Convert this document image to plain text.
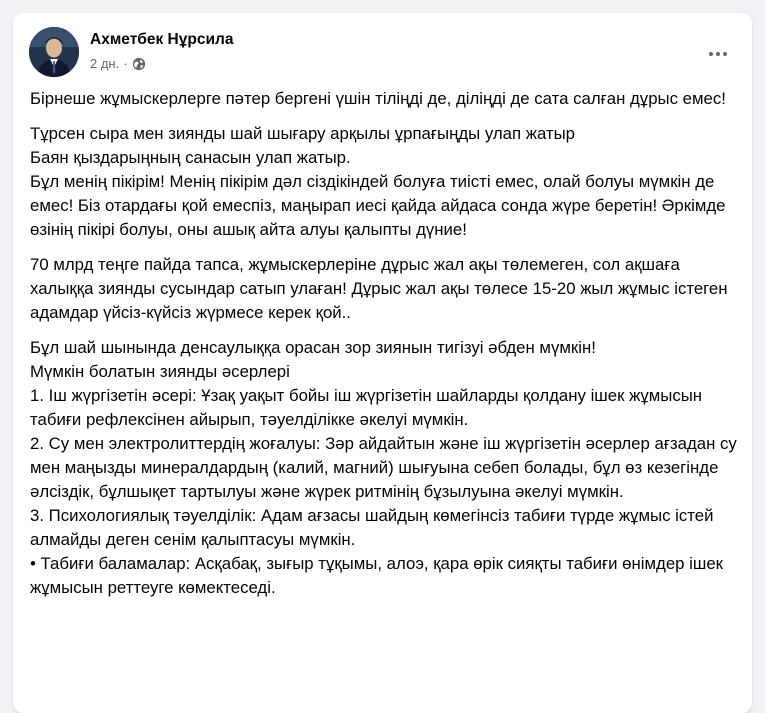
Ахметбек Нұрсила
2 дн. ·

Бірнеше жұмыскерлерге пәтер бергені үшін тіліңді де, діліңді де сата салған дұрыс емес!

Тұрсен сыра мен зиянды шай шығару арқылы ұрпағыңды улап жатыр
Баян қыздарыңның санасын улап жатыр.
Бұл менің пікірім! Менің пікірім дәл сіздікіндей болуға тиісті емес, олай болуы мүмкін де емес! Біз отардағы қой емеспіз, маңырап иесі қайда айдаса сонда жүре беретін! Әркімде өзінің пікірі болуы, оны ашық айта алуы қалыпты дүние!

70 млрд теңге пайда тапса, жұмыскерлеріне дұрыс жал ақы төлемеген, сол ақшаға халыққа зиянды сусындар сатып улаған! Дұрыс жал ақы төлесе 15-20 жыл жұмыс істеген адамдар үйсіз-күйсіз жүрмесе керек қой..

Бұл шай шынында денсаулыққа орасан зор зиянын тигізуі әбден мүмкін!
Мүмкін болатын зиянды әсерлері
1. Іш жүргізетін әсері: Ұзақ уақыт бойы іш жүргізетін шайларды қолдану ішек жұмысын табиғи рефлексінен айырып, тәуелділікке әкелуі мүмкін.
2. Су мен электролиттердің жоғалуы: Зәр айдайтын және іш жүргізетін әсерлер ағзадан су мен маңызды минералдардың (калий, магний) шығуына себеп болады, бұл өз кезегінде әлсіздік, бұлшықет тартылуы және жүрек ритмінің бұзылуына әкелуі мүмкін.
3. Психологиялық тәуелділік: Адам ағзасы шайдың көмегінсіз табиғи түрде жұмыс істей алмайды деген сенім қалыптасуы мүмкін.
• Табиғи баламалар: Асқабақ, зығыр тұқымы, алоэ, қара өрік сияқты табиғи өнімдер ішек жұмысын реттеуге көмектеседі.
